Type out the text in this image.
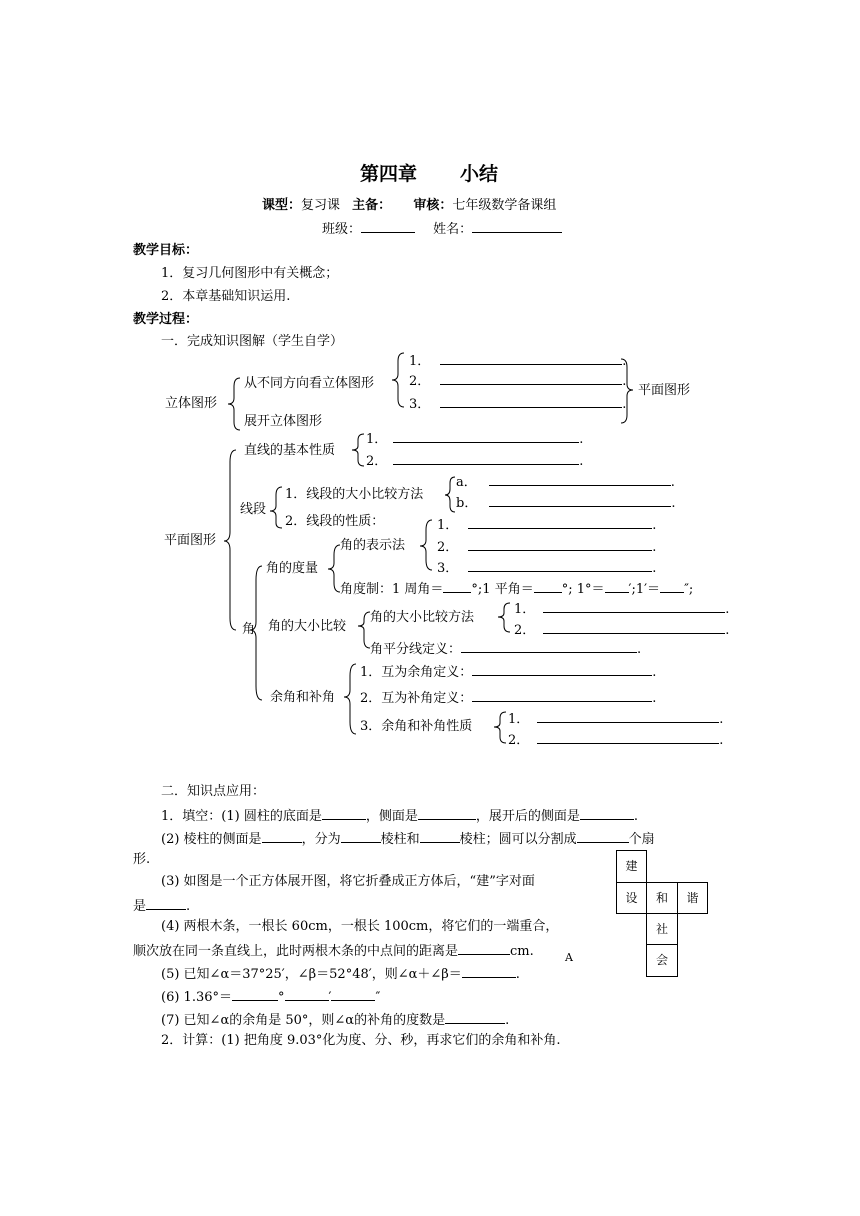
第四章 小结
课型：复习课 主备： 审核：七年级数学备课组
班级：	姓名：
教学目标：
1．复习几何图形中有关概念；
2．本章基础知识运用.
教学过程：
一．完成知识图解（学生自学）
立体图形
从不同方向看立体图形
展开立体图形
1．	.
2．	.
3．	.
平面图形
平面图形
直线的基本性质
1．	.
2．	.
线段
1．线段的大小比较方法
2．线段的性质：
a．	.
b．	.
角
角的度量
角的表示法
1．	.
2．	.
3．	.
角度制：1 周角＝ °;1 平角＝ °; 1°＝ ′;1′＝ ″;
角的大小比较
角的大小比较方法
1．	.
2．	.
角平分线定义：	.
余角和补角
1．互为余角定义：	.
2．互为补角定义：	.
3．余角和补角性质	1．	.
2．	.
二．知识点应用：
1．填空：(1) 圆柱的底面是	，侧面是	，展开后的侧面是	.
(2) 棱柱的侧面是	，分为	棱柱和	棱柱；圆可以分割成	个扇
形.
(3) 如图是一个正方体展开图，将它折叠成正方体后，“建”字对面
是	.
(4) 两根木条，一根长 60cm，一根长 100cm，将它们的一端重合，
顺次放在同一条直线上，此时两根木条的中点间的距离是	cm.	A
(5) 已知∠α＝37°25′，∠β＝52°48′，则∠α＋∠β＝	.
(6) 1.36°＝	°	′	″
(7) 已知∠α的余角是 50°，则∠α的补角的度数是	.
2．计算：(1) 把角度 9.03°化为度、分、秒，再求它们的余角和补角.
建
设	和	谐
社
会
